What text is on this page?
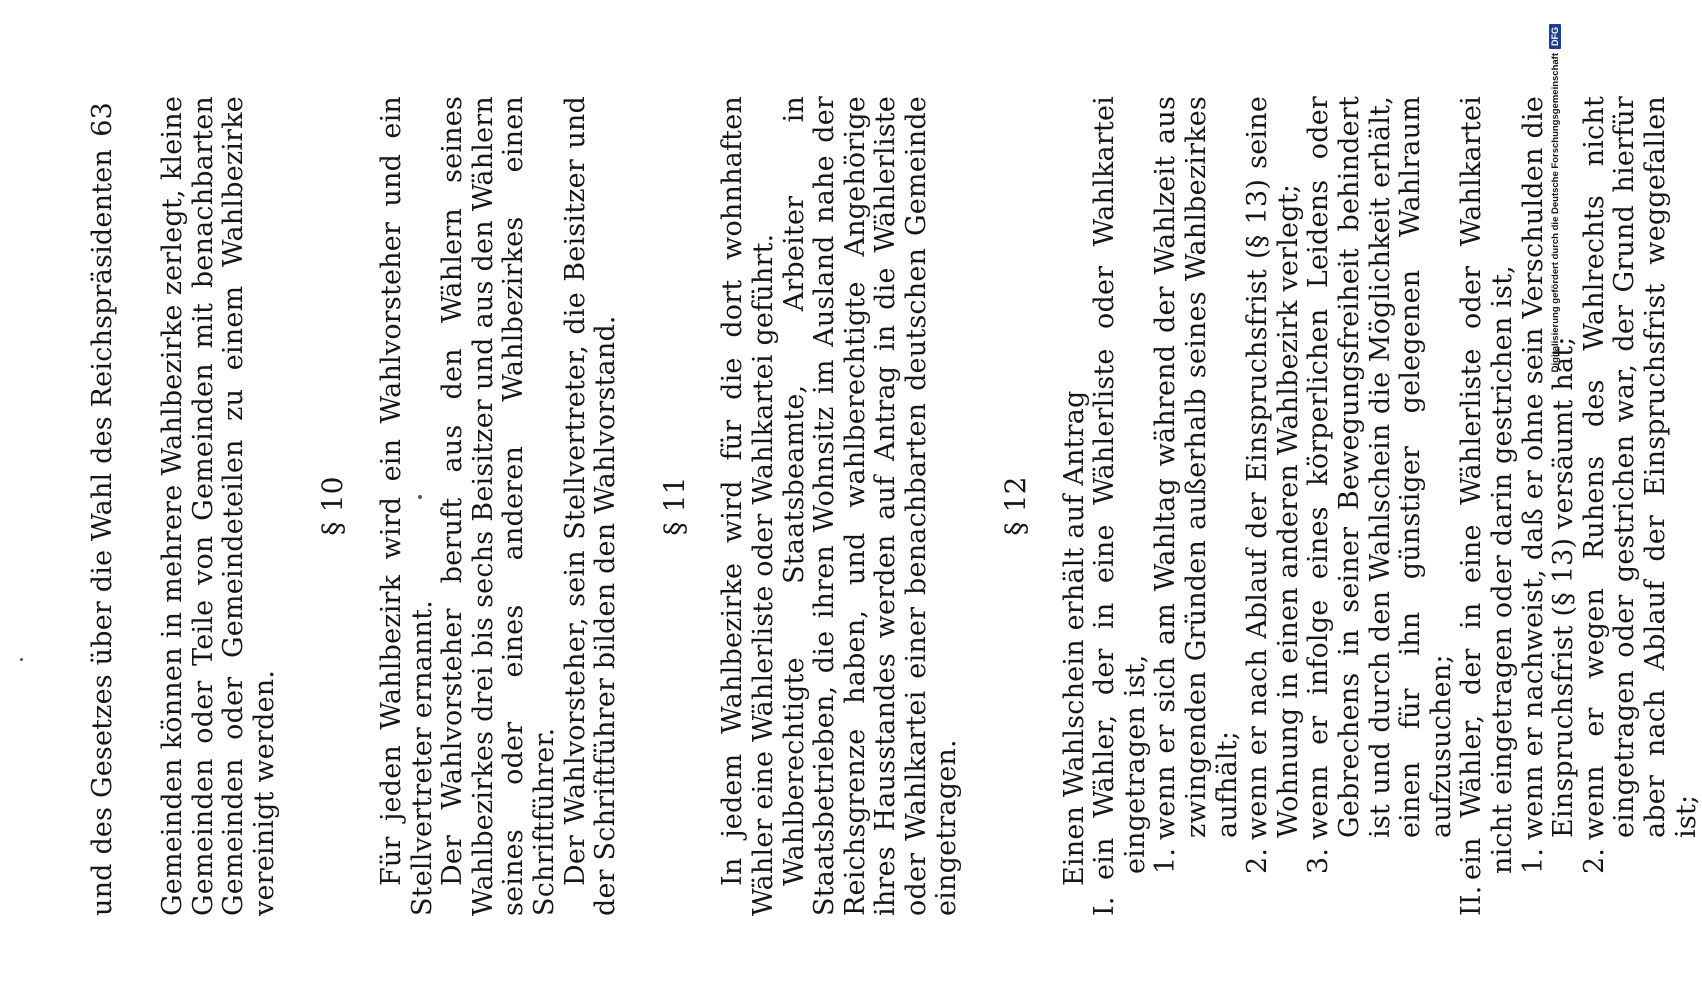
und des Gesetzes über die Wahl des Reichspräsidenten
63 Gemeinden können in mehrere Wahlbezirke zerlegt, kleine Gemeinden oder Teile von Gemeinden mit benachbarten Gemeinden oder Gemeindeteilen zu einem Wahlbezirke vereinigt werden.

§ 10 Für jeden Wahlbezirk wird ein Wahlvorsteher und ein Stellvertreter ernannt. Der Wahlvorsteher beruft aus den Wählern seines Wahlbezirkes drei bis sechs Beisitzer und aus den Wählern seines oder eines anderen Wahlbezirkes einen Schriftführer. Der Wahlvorsteher, sein Stellvertreter, die Beisitzer und der Schriftführer bilden den Wahlvorstand. § 11 In jedem Wahlbezirke wird für die dort wohnhaften Wähler eine Wählerliste oder Wahlkartei geführt. Wahlberechtigte Staatsbeamte, Arbeiter in Staatsbetrieben, die ihren Wohnsitz im Ausland nahe der Reichsgrenze haben, und wahlberechtigte Angehörige ihres Hausstandes werden auf Antrag in die Wählerliste oder Wahlkartei einer benachbarten deutschen Gemeinde eingetragen.

§ 12 Einen Wahlschein erhält auf Antrag

I.ein Wähler, der in eine Wählerliste oder Wahlkartei eingetragen ist, 1.wenn er sich am Wahltag während der Wahlzeit aus zwingenden Gründen außerhalb seines Wahlbezirkes aufhält;

2.wenn er nach Ablauf der Einspruchsfrist (§ 13) seine Wohnung in einen anderen Wahlbezirk verlegt;

3.wenn er infolge eines körperlichen Leidens oder Gebrechens in seiner Bewegungsfreiheit behindert ist und durch den Wahlschein die Möglichkeit erhält, einen für ihn günstiger gelegenen Wahlraum aufzusuchen;

II.ein Wähler, der in eine Wählerliste oder Wahlkartei nicht eingetragen oder darin gestrichen ist, 1.wenn er nachweist, daß er ohne sein Verschulden die Einspruchsfrist (§ 13) versäumt hat;

2.wenn er wegen Ruhens des Wahlrechts nicht eingetragen oder gestrichen war, der Grund hierfür aber nach Ablauf der Einspruchsfrist weggefallen ist;

Digitalisierung gefördert durch die Deutsche Forschungsgemeinschaft
DFG
